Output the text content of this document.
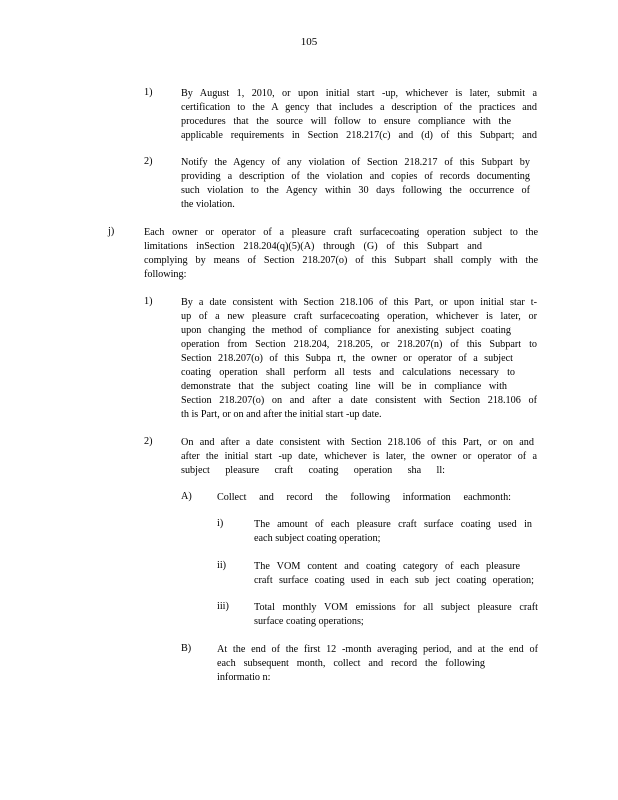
105
1)	By August 1, 2010, or upon initial start -up, whichever is later, submit a
certification to the A gency that includes a description of the practices and
procedures that the source will follow to ensure compliance with the
applicable requirements in Section 218.217(c) and (d) of this Subpart; and
2)	Notify the Agency of any violation of Section 218.217 of this Subpart by
providing a description of the violation and copies of records documenting
such violation to the Agency within 30 days following the occurrence of
the violation.
j)	Each owner or operator of a pleasure craft surfacecoating operation subject to the
limitations inSection 218.204(q)(5)(A) through (G) of this Subpart and
complying by means of Section 218.207(o) of this Subpart shall comply with the
following:
1)	By a date consistent with Section 218.106 of this Part, or upon initial star t-
up of a new pleasure craft surfacecoating operation, whichever is later, or
upon changing the method of compliance for anexisting subject coating
operation from Section 218.204, 218.205, or 218.207(n) of this Subpart to
Section 218.207(o) of this Subpa rt, the owner or operator of a subject
coating operation shall perform all tests and calculations necessary to
demonstrate that the subject coating line will be in compliance with
Section 218.207(o) on and after a date consistent with Section 218.106 of
th is Part, or on and after the initial start -up date.
2)	On and after a date consistent with Section 218.106 of this Part, or on and
after the initial start -up date, whichever is later, the owner or operator of a
subject pleasure craft coating operation sha ll:
A) Collect and record the following information eachmonth:
i)	The amount of each pleasure craft surface coating used in
each subject coating operation;
ii)	The VOM content and coating category of each pleasure
craft surface coating used in each sub ject coating operation;
iii) Total monthly VOM emissions for all subject pleasure craft
surface coating operations;
B)	At the end of the first 12 -month averaging period, and at the end of
each subsequent month, collect and record the following
informatio n:
